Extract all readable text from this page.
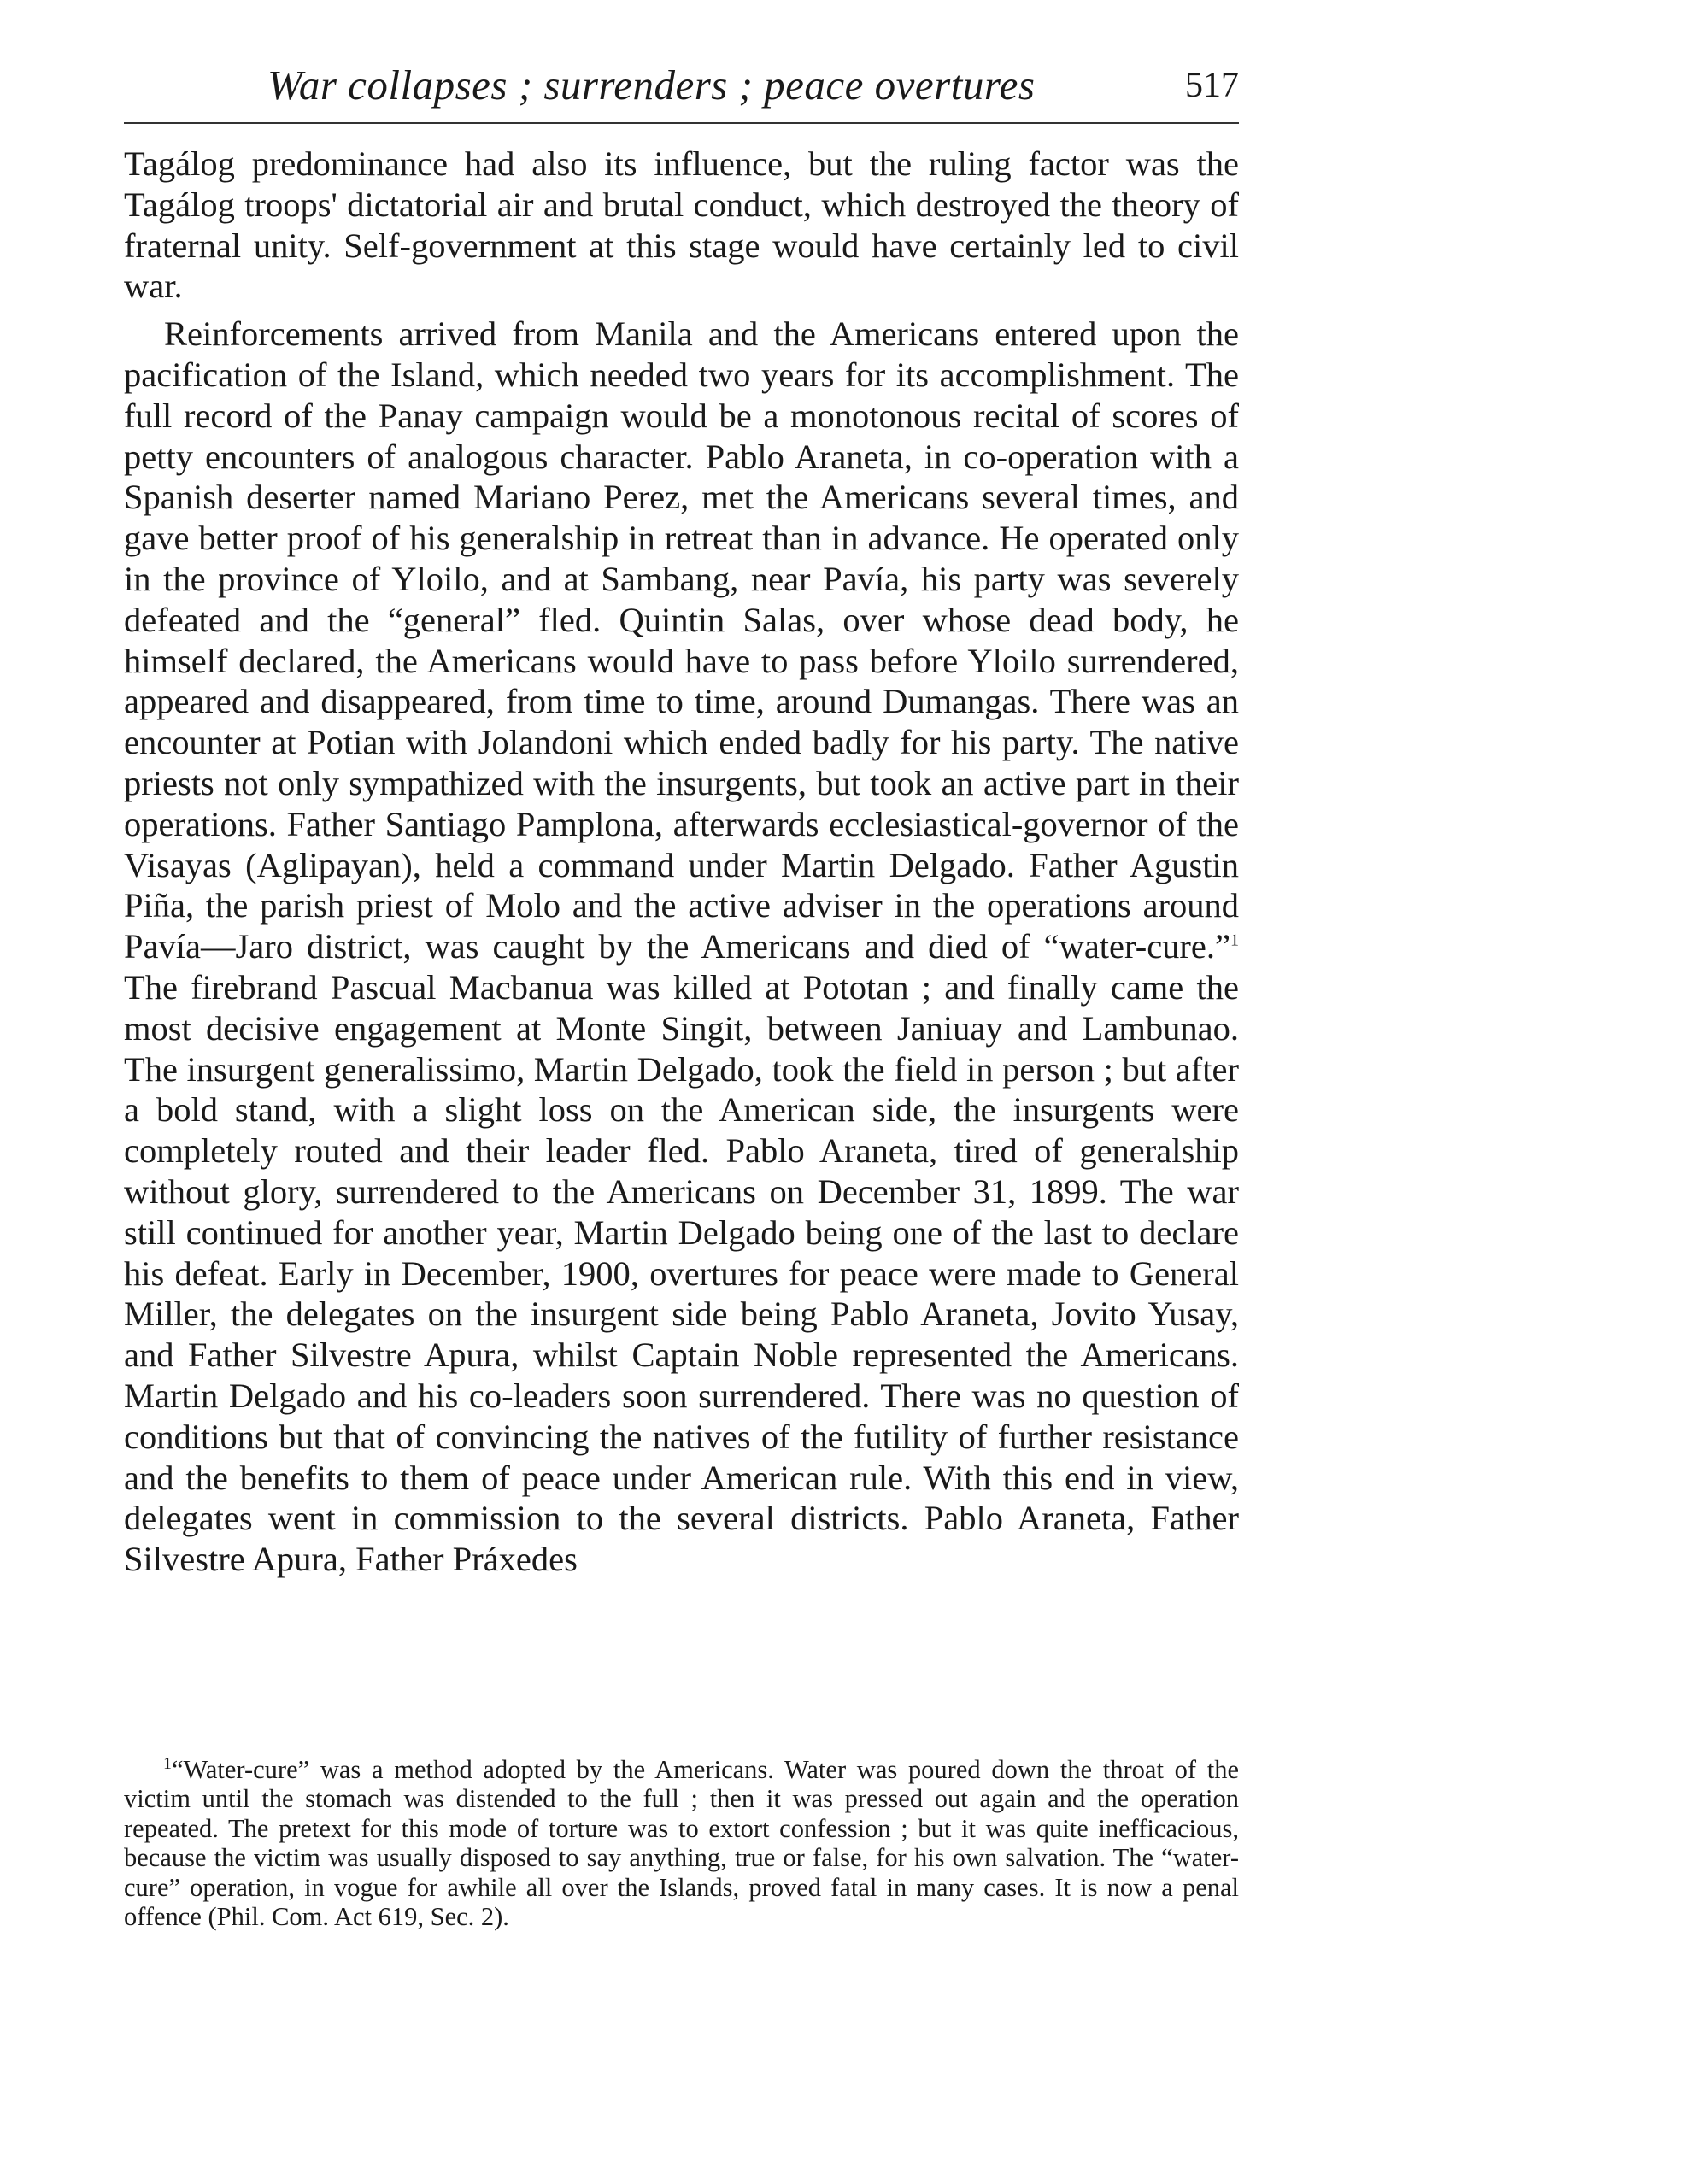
War collapses ; surrenders ; peace overtures	517

Tagálog predominance had also its influence, but the ruling factor was the Tagálog troops' dictatorial air and brutal conduct, which destroyed the theory of fraternal unity. Self-government at this stage would have certainly led to civil war.

Reinforcements arrived from Manila and the Americans entered upon the pacification of the Island, which needed two years for its accomplishment. The full record of the Panay campaign would be a monotonous recital of scores of petty encounters of analogous character. Pablo Araneta, in co-operation with a Spanish deserter named Mariano Perez, met the Americans several times, and gave better proof of his generalship in retreat than in advance. He operated only in the province of Yloilo, and at Sambang, near Pavía, his party was severely defeated and the “general” fled. Quintin Salas, over whose dead body, he himself declared, the Americans would have to pass before Yloilo surrendered, appeared and disappeared, from time to time, around Dumangas. There was an encounter at Potian with Jolandoni which ended badly for his party. The native priests not only sympathized with the insurgents, but took an active part in their operations. Father Santiago Pamplona, afterwards ecclesiastical-governor of the Visayas (Aglipayan), held a command under Martin Delgado. Father Agustin Piña, the parish priest of Molo and the active adviser in the operations around Pavía—Jaro district, was caught by the Americans and died of “water-cure.”$^1$ The firebrand Pascual Macbanua was killed at Pototan ; and finally came the most decisive engagement at Monte Singit, between Janiuay and Lambunao. The insurgent generalissimo, Martin Delgado, took the field in person ; but after a bold stand, with a slight loss on the American side, the insurgents were completely routed and their leader fled. Pablo Araneta, tired of generalship without glory, surrendered to the Americans on December 31, 1899. The war still continued for another year, Martin Delgado being one of the last to declare his defeat. Early in December, 1900, overtures for peace were made to General Miller, the delegates on the insurgent side being Pablo Araneta, Jovito Yusay, and Father Silvestre Apura, whilst Captain Noble represented the Americans. Martin Delgado and his co-leaders soon surrendered. There was no question of conditions but that of convincing the natives of the futility of further resistance and the benefits to them of peace under American rule. With this end in view, delegates went in commission to the several districts. Pablo Araneta, Father Silvestre Apura, Father Práxedes

$^1$“Water-cure” was a method adopted by the Americans. Water was poured down the throat of the victim until the stomach was distended to the full ; then it was pressed out again and the operation repeated. The pretext for this mode of torture was to extort confession ; but it was quite inefficacious, because the victim was usually disposed to say anything, true or false, for his own salvation. The “water-cure” operation, in vogue for awhile all over the Islands, proved fatal in many cases. It is now a penal offence (Phil. Com. Act 619, Sec. 2).
